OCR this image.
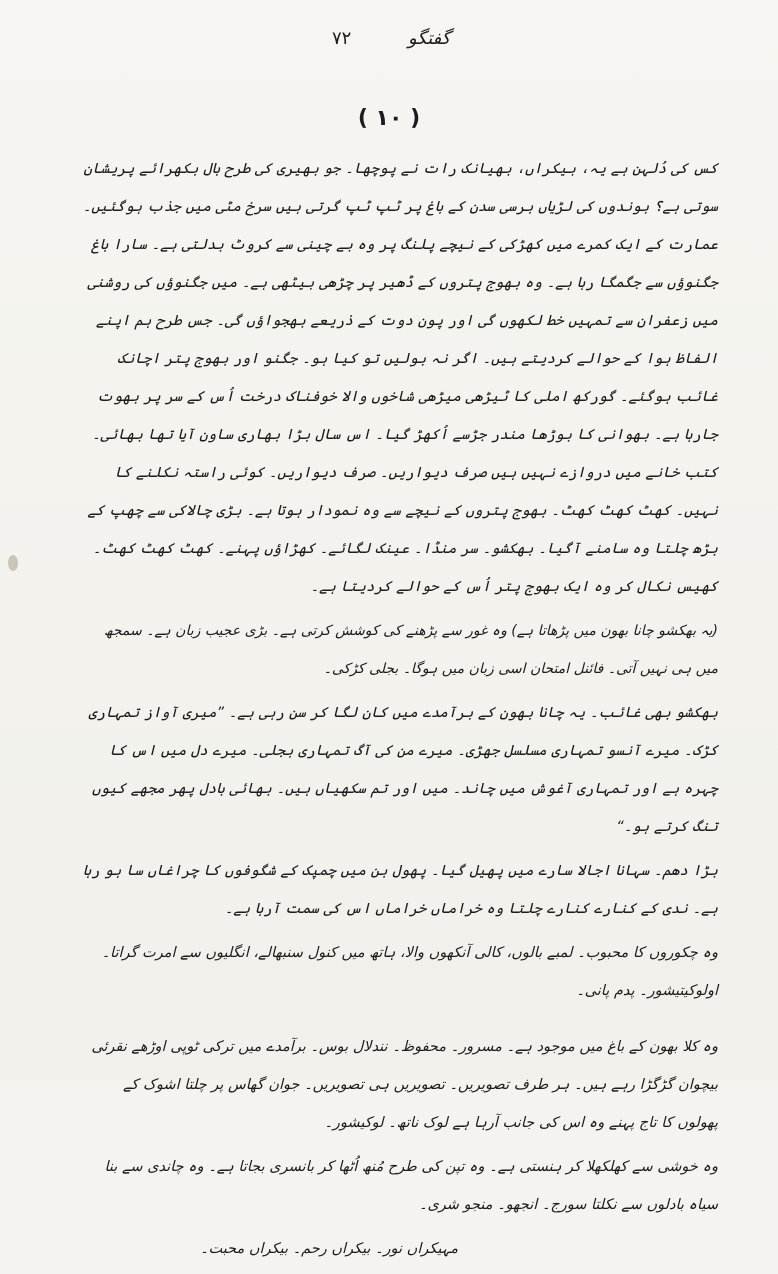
گفتگو
۷۲
( ۱۰ )

کس کی دُلہن ہے یہ، بیکراں، بھیانک رات نے پوچھا۔ جو بھیری کی طرح بال بکھرائے پریشان سوتی ہے؟ بوندوں کی لڑیاں برسی سدن کے باغ پر ٹپ ٹپ گرتی ہیں سرخ مٹی میں جذب ہوگئیں۔ عمارت کے ایک کمرے میں کھڑکی کے نیچے پلنگ پر وہ بے چینی سے کروٹ بدلتی ہے۔ سارا باغ جگنوؤں سے جگمگا رہا ہے۔ وہ بھوج پتروں کے ڈھیر پر چڑھی بیٹھی ہے۔ میں جگنوؤں کی روشنی میں زعفران سے تمہیں خط لکھوں گی اور پون دوت کے ذریعے بھجواؤں گی۔ جس طرح ہم اپنے الفاظ ہوا کے حوالے کردیتے ہیں۔ اگر نہ بولیں تو کیا ہو۔ جگنو اور بھوج پتر اچانک غائب ہوگئے۔ گورکھ املی کا ٹیڑھی میڑھی شاخوں والا خوفناک درخت اُس کے سر پر بھوت جارہا ہے۔ بھوانی کا بوڑھا مندر جڑسے اُکھڑ گیا۔ اس سال بڑا بھاری ساون آیا تھا بھائی۔ کتب خانے میں دروازے نہیں ہیں صرف دیواریں۔ صرف دیواریں۔ کوئی راستہ نکلنے کا نہیں۔ کھٹ کھٹ کھٹ۔ بھوج پتروں کے نیچے سے وہ نمودار ہوتا ہے۔ بڑی چالاکی سے چھپ کے بڑھ چلتا وہ سامنے آگیا۔ بھکشو۔ سر منڈا۔ عینک لگائے۔ کھڑاؤں پہنے۔ کھٹ کھٹ کھٹ۔ کھیس نکال کر وہ ایک بھوج پتر اُس کے حوالے کردیتا ہے۔

(یہ بھکشو چانا بھون میں پڑھاتا ہے) وہ غور سے پڑھنے کی کوشش کرتی ہے۔ بڑی عجیب زبان ہے۔ سمجھ میں ہی نہیں آتی۔ فائنل امتحان اسی زبان میں ہوگا۔ بجلی کڑکی۔

بھکشو بھی غائب۔ یہ چانا بھون کے برآمدے میں کان لگا کر سن رہی ہے۔ ”میری آواز تمہاری کڑک۔ میرے آنسو تمہاری مسلسل جھڑی۔ میرے من کی آگ تمہاری بجلی۔ میرے دل میں اس کا چہرہ ہے اور تمہاری آغوش میں چاند۔ میں اور تم سکھیاں ہیں۔ بھائی بادل پھر مجھے کیوں تنگ کرتے ہو۔“

بڑا دھم۔ سہانا اجالا سارے میں پھیل گیا۔ پھول بن میں چمپک کے شگوفوں کا چراغاں سا ہو رہا ہے۔ ندی کے کنارے کنارے چلتا وہ خراماں خراماں اس کی سمت آرہا ہے۔

وہ چکوروں کا محبوب۔ لمبے بالوں، کالی آنکھوں والا، ہاتھ میں کنول سنبھالے، انگلیوں سے امرت گراتا۔ اولوکیتیشور۔ پدم پانی۔

وہ کلا بھون کے باغ میں موجود ہے۔ مسرور۔ محفوظ۔ نندلال بوس۔ برآمدے میں ترکی ٹوپی اوڑھے نقرئی بیچوان گڑگڑا رہے ہیں۔ ہر طرف تصویریں۔ تصویریں ہی تصویریں۔ جوان گھاس پر چلتا اشوک کے پھولوں کا تاج پہنے وہ اس کی جانب آرہا ہے لوک ناتھ۔ لوکیشور۔

وہ خوشی سے کھلکھلا کر ہنستی ہے۔ وہ تپن کی طرح مُنھ اُٹھا کر بانسری بجاتا ہے۔ وہ چاندی سے بنا سیاہ بادلوں سے نکلتا سورج۔ انجھو۔ منجو شری۔

مہیکراں نور۔ بیکراں رحم۔ بیکراں محبت۔
